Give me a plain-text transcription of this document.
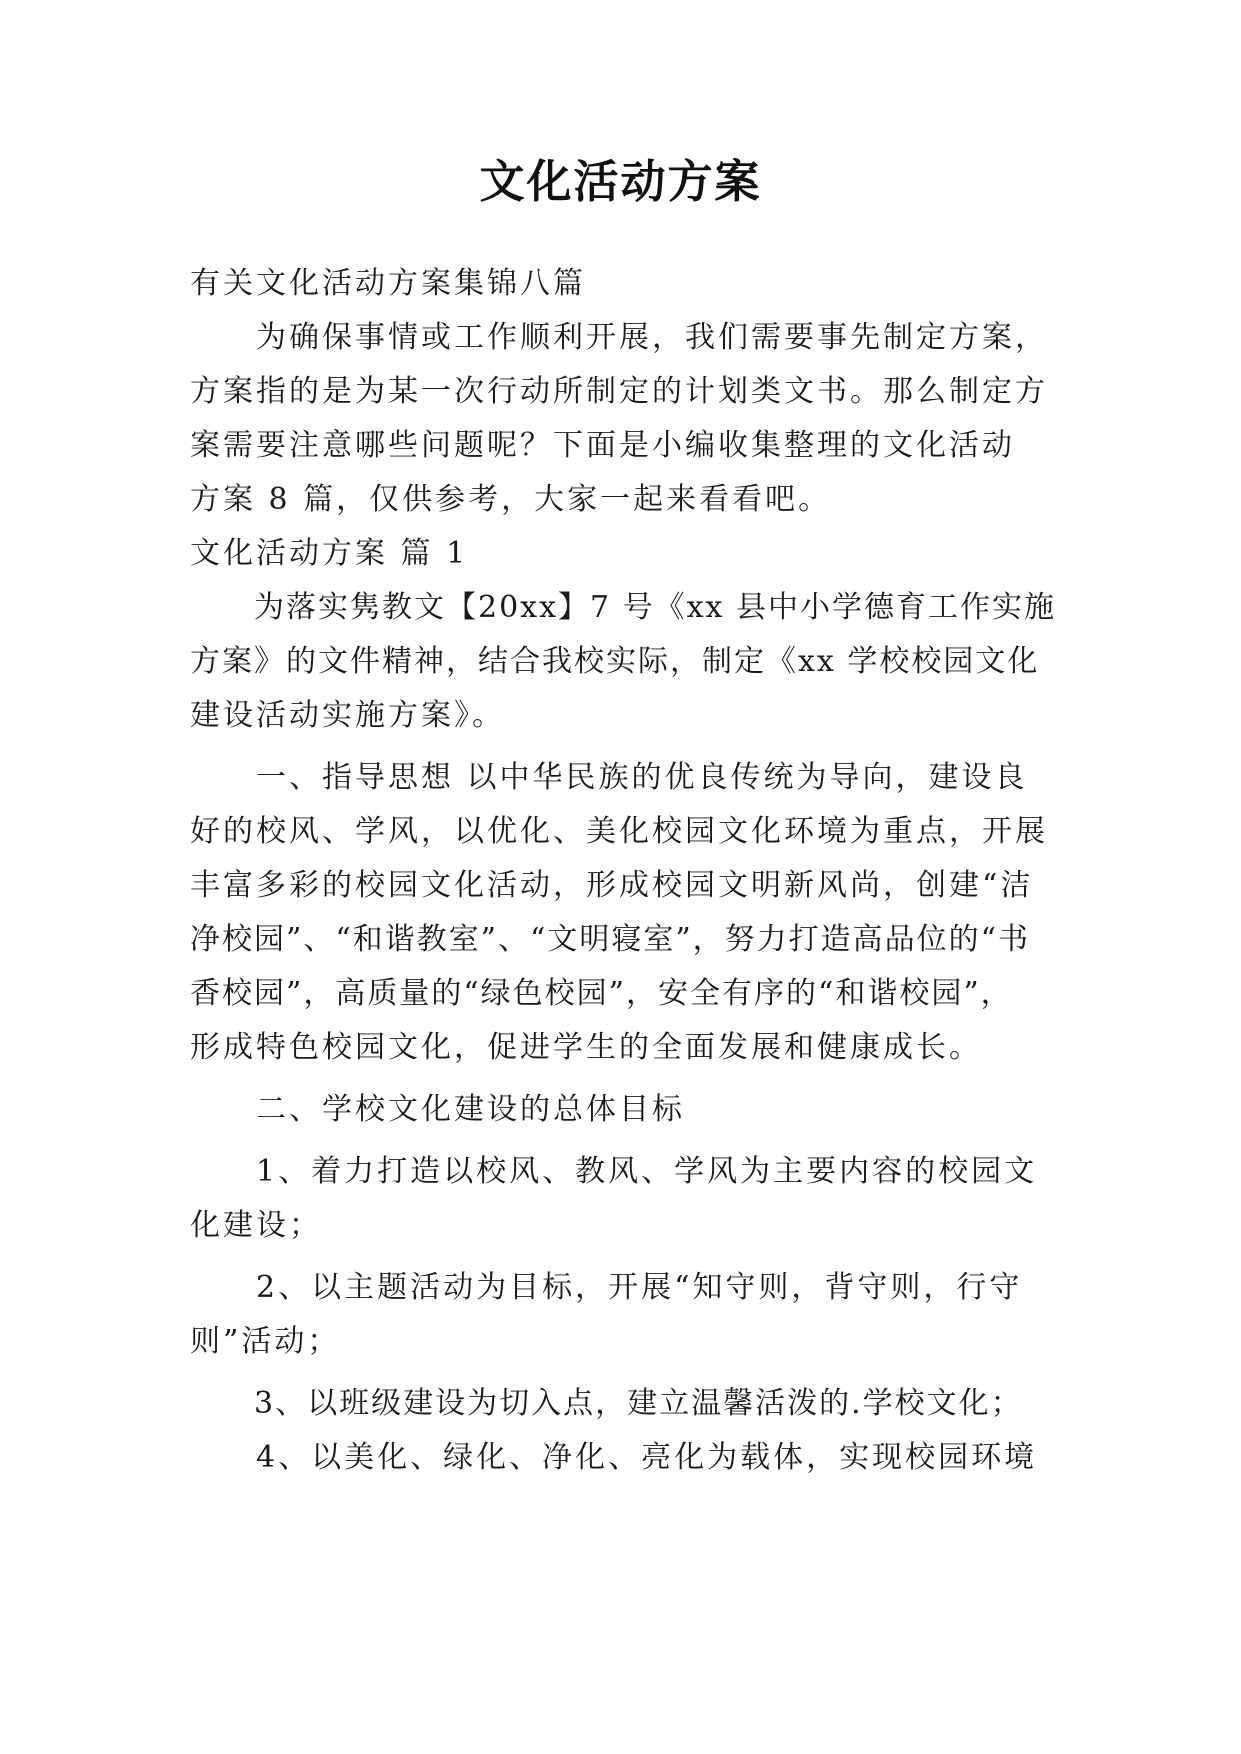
文化活动方案
有关文化活动方案集锦八篇
　　为确保事情或工作顺利开展，我们需要事先制定方案，
方案指的是为某一次行动所制定的计划类文书。那么制定方
案需要注意哪些问题呢？下面是小编收集整理的文化活动
方案 8 篇，仅供参考，大家一起来看看吧。
文化活动方案 篇 1
　　为落实隽教文【20xx】7 号《xx 县中小学德育工作实施
方案》的文件精神，结合我校实际，制定《xx 学校校园文化
建设活动实施方案》。
　　一、指导思想 以中华民族的优良传统为导向，建设良
好的校风、学风，以优化、美化校园文化环境为重点，开展
丰富多彩的校园文化活动，形成校园文明新风尚，创建“洁
净校园”、“和谐教室”、“文明寝室”，努力打造高品位的“书
香校园”，高质量的“绿色校园”，安全有序的“和谐校园”，
形成特色校园文化，促进学生的全面发展和健康成长。
　　二、学校文化建设的总体目标
　　1、着力打造以校风、教风、学风为主要内容的校园文
化建设；
　　2、以主题活动为目标，开展“知守则，背守则，行守
则”活动；
　　3、以班级建设为切入点，建立温馨活泼的.学校文化；
　　4、以美化、绿化、净化、亮化为载体，实现校园环境
